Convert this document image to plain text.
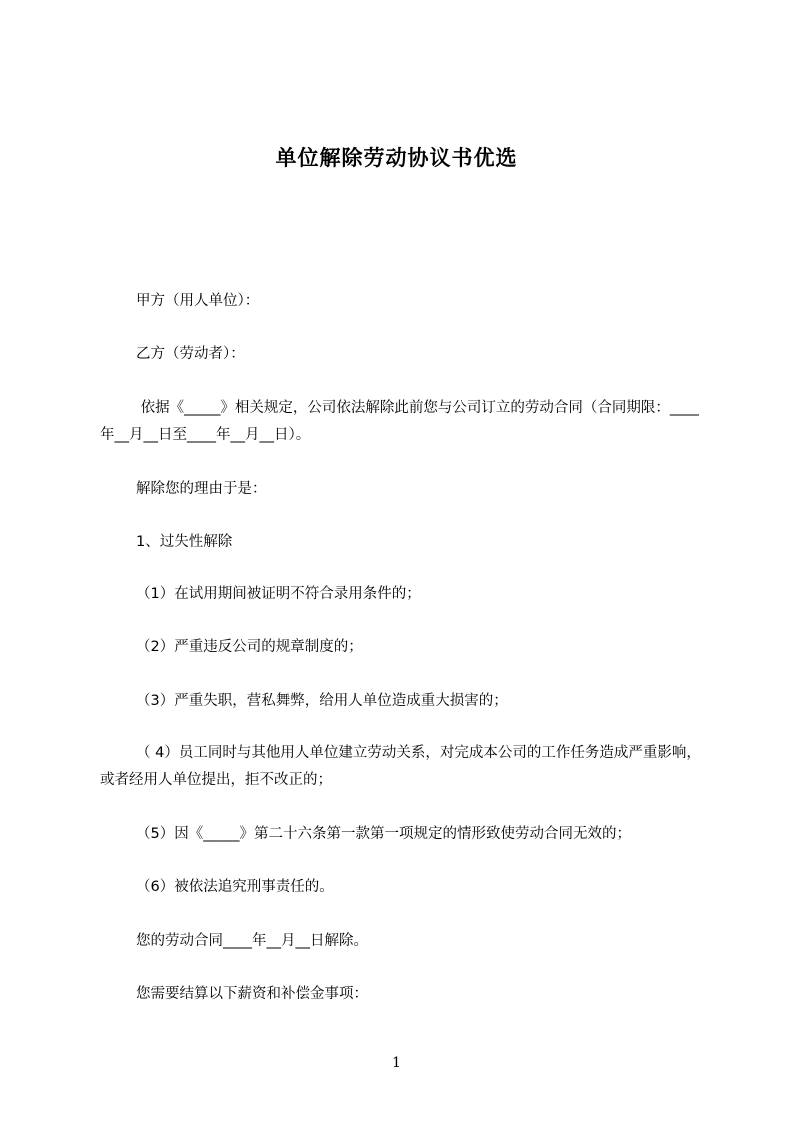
单位解除劳动协议书优选
甲方（用人单位）：
乙方（劳动者）：
依据《_____》相关规定，公司依法解除此前您与公司订立的劳动合同（合同期限：____年__月__日至____年__月__日）。
解除您的理由于是：
1、过失性解除
（1）在试用期间被证明不符合录用条件的；
（2）严重违反公司的规章制度的；
（3）严重失职，营私舞弊，给用人单位造成重大损害的；
（ 4）员工同时与其他用人单位建立劳动关系，对完成本公司的工作任务造成严重影响，或者经用人单位提出，拒不改正的；
（5）因《_____》第二十六条第一款第一项规定的情形致使劳动合同无效的；
（6）被依法追究刑事责任的。
您的劳动合同____年__月__日解除。
您需要结算以下薪资和补偿金事项：
1
